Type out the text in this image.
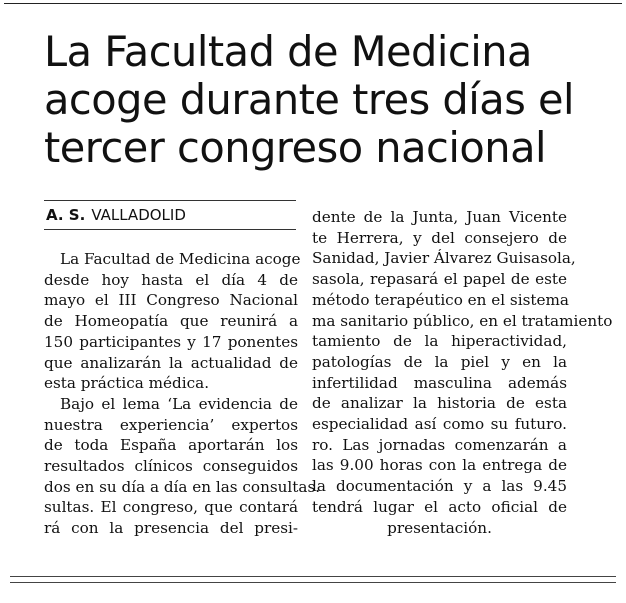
La Facultad de Medicina
acoge durante tres días el
tercer congreso nacional
A. S. VALLADOLID
La Facultad de Medicina acoge
desde hoy hasta el día 4 de
mayo el III Congreso Nacional
de Homeopatía que reunirá a
150 participantes y 17 ponentes
que analizarán la actualidad de
esta práctica médica.
Bajo el lema ‘La evidencia de
nuestra experiencia’ expertos
de toda España aportarán los
resultados clínicos conseguidos
dos en su día a día en las consultas.
sultas. El congreso, que contará
rá con la presencia del presi-
dente de la Junta, Juan Vicente
te Herrera, y del consejero de
Sanidad, Javier Álvarez Guisasola,
sasola, repasará el papel de este
método terapéutico en el sistema
ma sanitario público, en el tratamiento
tamiento de la hiperactividad,
patologías de la piel y en la
infertilidad masculina además
de analizar la historia de esta
especialidad así como su futuro.
ro. Las jornadas comenzarán a
las 9.00 horas con la entrega de
la documentación y a las 9.45
tendrá lugar el acto oficial de
presentación.
